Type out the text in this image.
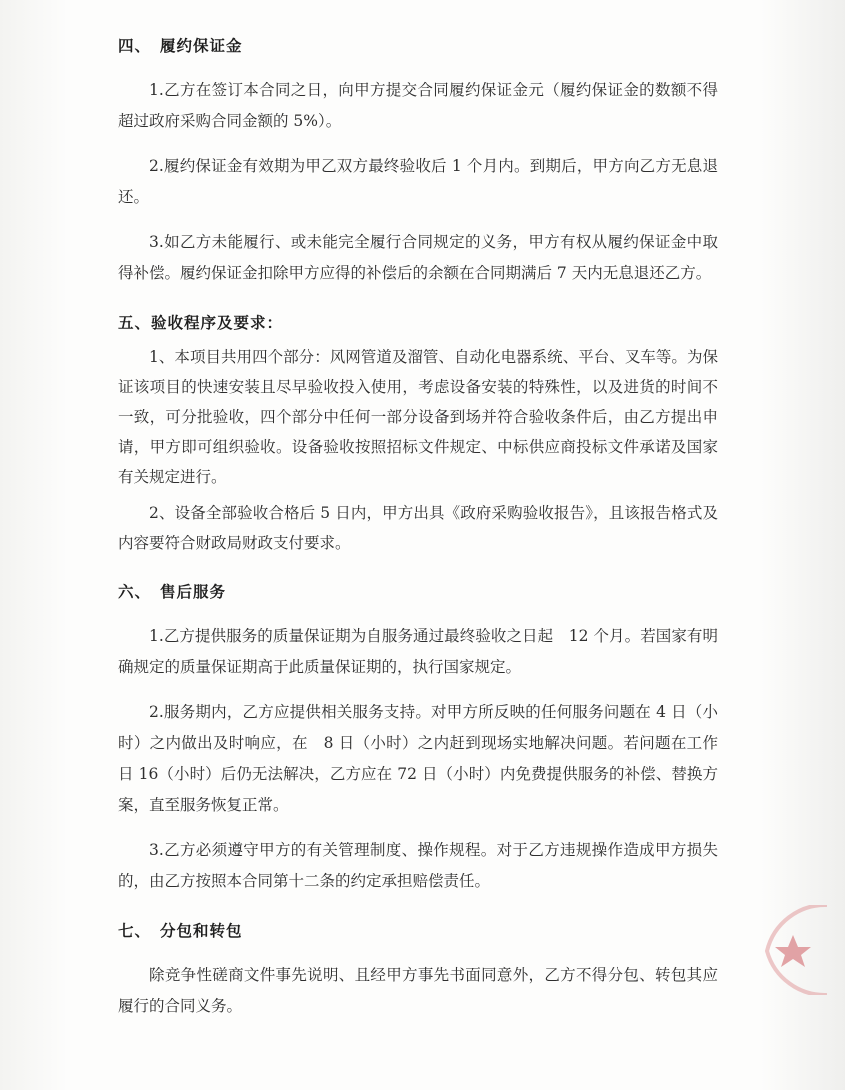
四、 履约保证金

1.乙方在签订本合同之日，向甲方提交合同履约保证金元（履约保证金的数额不得超过政府采购合同金额的 5%）。

2.履约保证金有效期为甲乙双方最终验收后 1 个月内。到期后，甲方向乙方无息退还。

3.如乙方未能履行、或未能完全履行合同规定的义务，甲方有权从履约保证金中取得补偿。履约保证金扣除甲方应得的补偿后的余额在合同期满后 7 天内无息退还乙方。

五、验收程序及要求：

1、本项目共用四个部分：风网管道及溜管、自动化电器系统、平台、叉车等。为保证该项目的快速安装且尽早验收投入使用，考虑设备安装的特殊性，以及进货的时间不一致，可分批验收，四个部分中任何一部分设备到场并符合验收条件后，由乙方提出申请，甲方即可组织验收。设备验收按照招标文件规定、中标供应商投标文件承诺及国家有关规定进行。

2、设备全部验收合格后 5 日内，甲方出具《政府采购验收报告》，且该报告格式及内容要符合财政局财政支付要求。

六、 售后服务

1.乙方提供服务的质量保证期为自服务通过最终验收之日起　12 个月。若国家有明确规定的质量保证期高于此质量保证期的，执行国家规定。

2.服务期内，乙方应提供相关服务支持。对甲方所反映的任何服务问题在 4 日（小时）之内做出及时响应，在　8 日（小时）之内赶到现场实地解决问题。若问题在工作日 16（小时）后仍无法解决，乙方应在 72 日（小时）内免费提供服务的补偿、替换方案，直至服务恢复正常。

3.乙方必须遵守甲方的有关管理制度、操作规程。对于乙方违规操作造成甲方损失的，由乙方按照本合同第十二条的约定承担赔偿责任。

七、 分包和转包

除竞争性磋商文件事先说明、且经甲方事先书面同意外，乙方不得分包、转包其应履行的合同义务。
